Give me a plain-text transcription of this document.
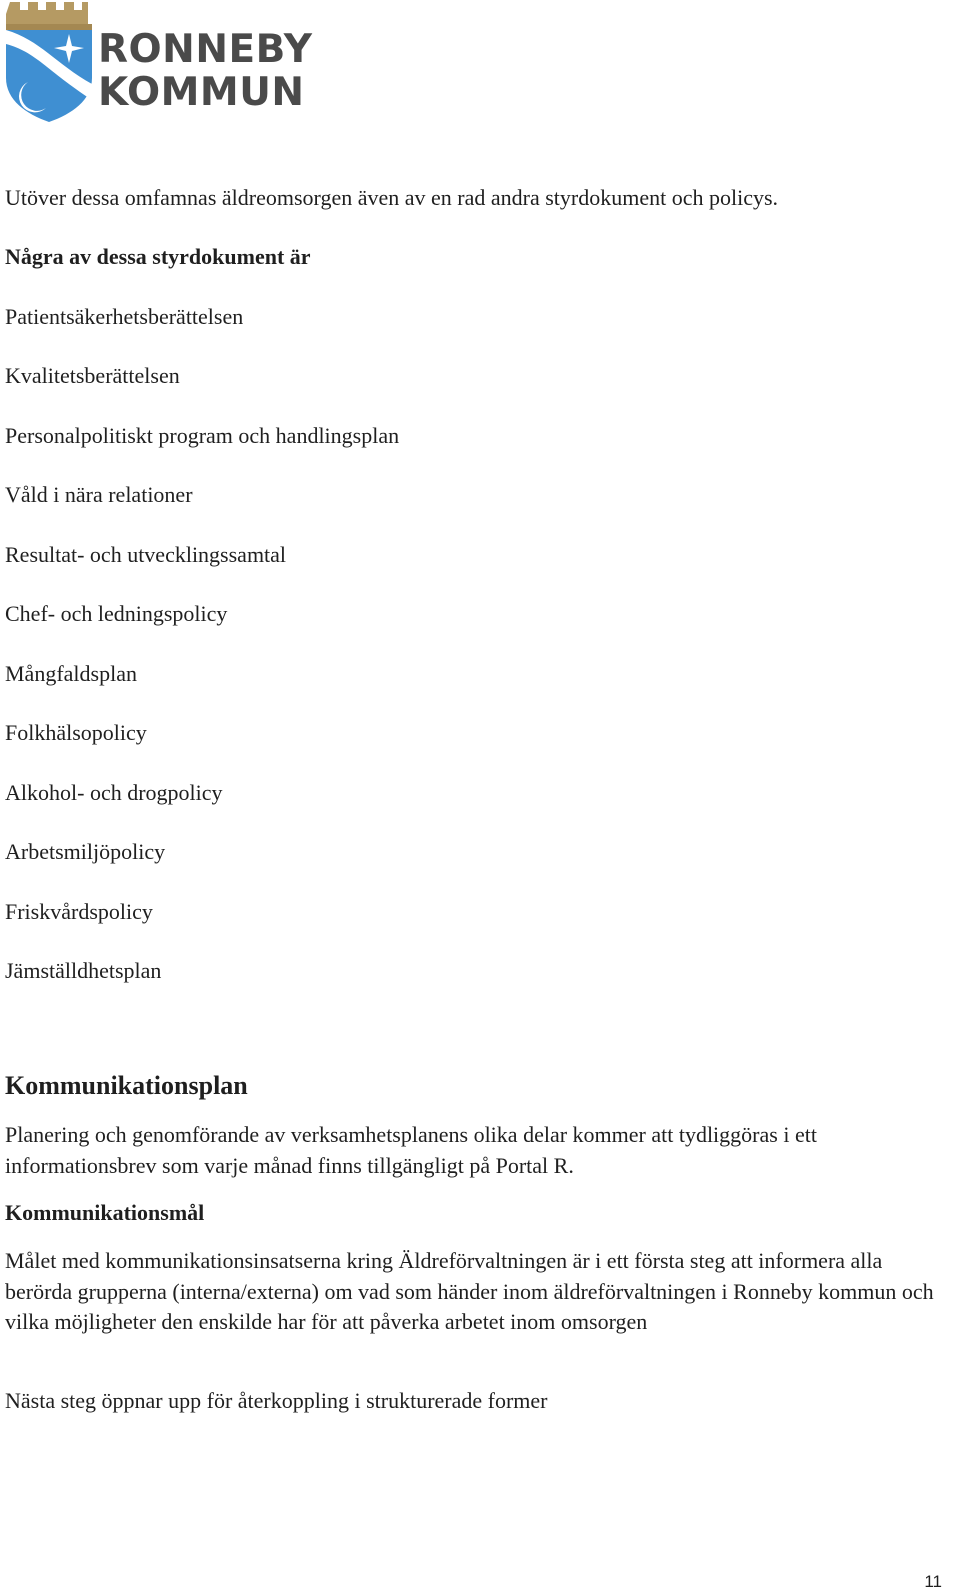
RONNEBY
KOMMUN
Utöver dessa omfamnas äldreomsorgen även av en rad andra styrdokument och policys.
Några av dessa styrdokument är
Patientsäkerhetsberättelsen
Kvalitetsberättelsen
Personalpolitiskt program och handlingsplan
Våld i nära relationer
Resultat- och utvecklingssamtal
Chef- och ledningspolicy
Mångfaldsplan
Folkhälsopolicy
Alkohol- och drogpolicy
Arbetsmiljöpolicy
Friskvårdspolicy
Jämställdhetsplan
Kommunikationsplan
Planering och genomförande av verksamhetsplanens olika delar kommer att tydliggöras i ett informationsbrev som varje månad finns tillgängligt på Portal R.
Kommunikationsmål
Målet med kommunikationsinsatserna kring Äldreförvaltningen är i ett första steg att informera alla berörda grupperna (interna/externa) om vad som händer inom äldreförvaltningen i Ronneby kommun och vilka möjligheter den enskilde har för att påverka arbetet inom omsorgen
Nästa steg öppnar upp för återkoppling i strukturerade former
11
